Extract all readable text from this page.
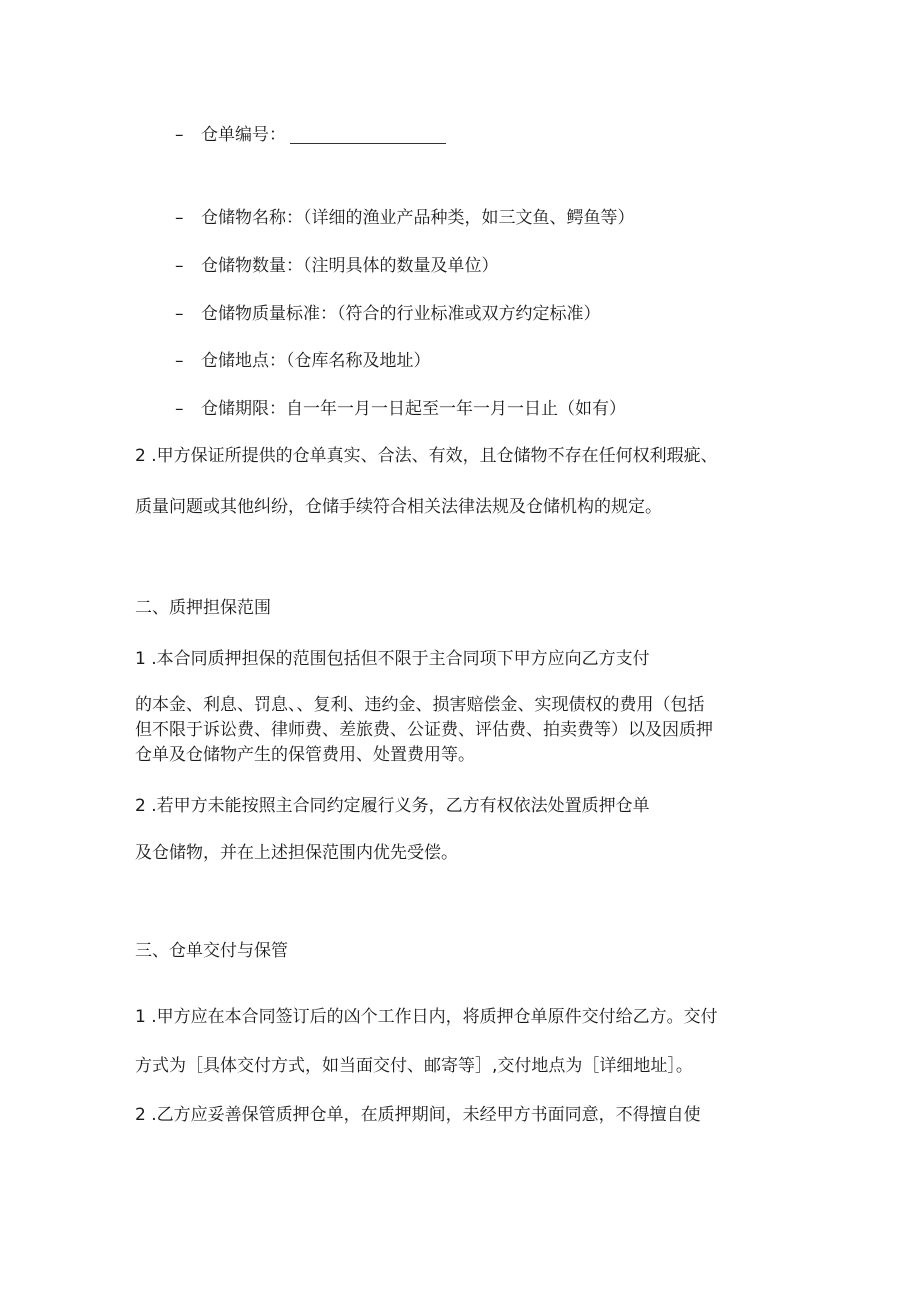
– 仓单编号：
– 仓储物名称：（详细的渔业产品种类，如三文鱼、鳄鱼等）
– 仓储物数量：（注明具体的数量及单位）
– 仓储物质量标准：（符合的行业标准或双方约定标准）
– 仓储地点：（仓库名称及地址）
– 仓储期限：自一年一月一日起至一年一月一日止（如有）
2 .甲方保证所提供的仓单真实、合法、有效，且仓储物不存在任何权利瑕疵、
质量问题或其他纠纷，仓储手续符合相关法律法规及仓储机构的规定。
二、质押担保范围
1 .本合同质押担保的范围包括但不限于主合同项下甲方应向乙方支付
的本金、利息、罚息、、复利、违约金、损害赔偿金、实现债权的费用（包括
但不限于诉讼费、律师费、差旅费、公证费、评估费、拍卖费等）以及因质押
仓单及仓储物产生的保管费用、处置费用等。
2 .若甲方未能按照主合同约定履行义务，乙方有权依法处置质押仓单
及仓储物，并在上述担保范围内优先受偿。
三、仓单交付与保管
1 .甲方应在本合同签订后的凶个工作日内，将质押仓单原件交付给乙方。交付
方式为［具体交付方式，如当面交付、邮寄等］,交付地点为［详细地址］。
2 .乙方应妥善保管质押仓单，在质押期间，未经甲方书面同意，不得擅自使
